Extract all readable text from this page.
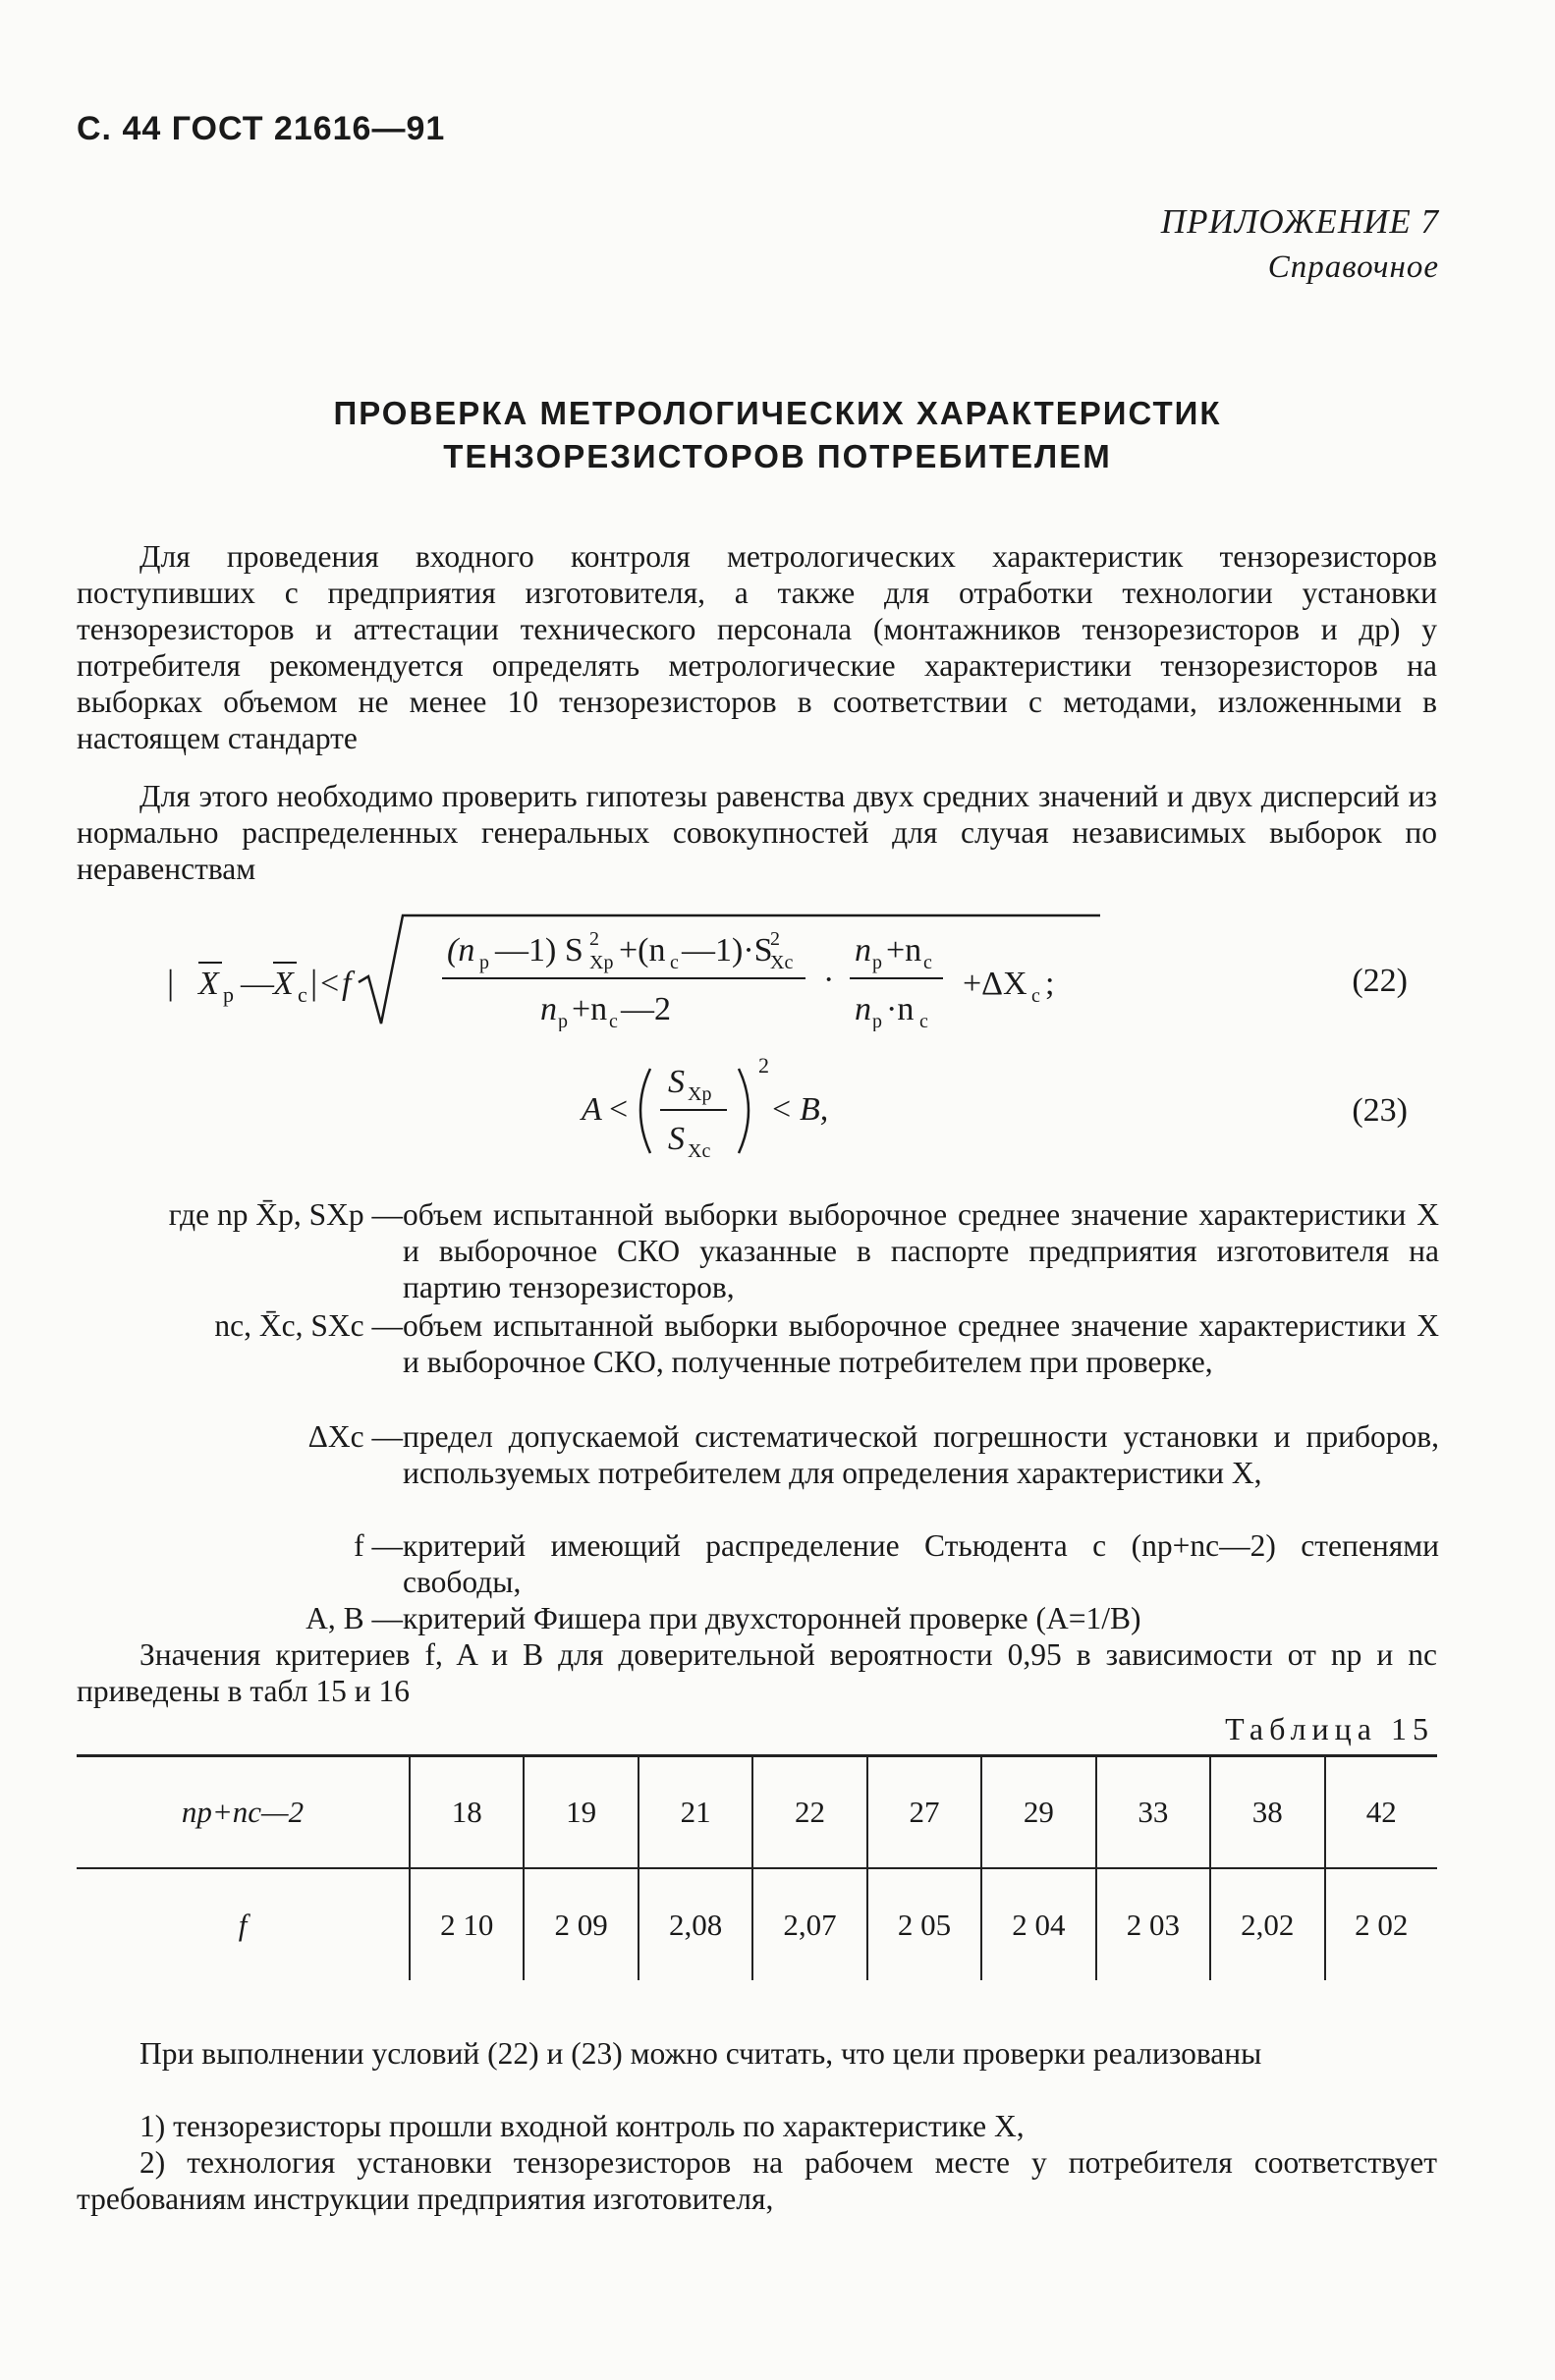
С. 44 ГОСТ 21616—91
ПРИЛОЖЕНИЕ 7
Справочное
ПРОВЕРКА МЕТРОЛОГИЧЕСКИХ ХАРАКТЕРИСТИК
ТЕНЗОРЕЗИСТОРОВ ПОТРЕБИТЕЛЕМ
Для проведения входного контроля метрологических характеристик тензорезисторов поступивших с предприятия изготовителя, а также для отработки технологии установки тензорезисторов и аттестации технического персонала (монтажников тензорезисторов и др) у потребителя рекомендуется определять метрологические характеристики тензорезисторов на выборках объемом не менее 10 тензорезисторов в соответствии с методами, изложенными в настоящем стандарте
Для этого необходимо проверить гипотезы равенства двух средних значений и двух дисперсий из нормально распределенных генеральных совокупностей для случая независимых выборок по неравенствам
| X р — X с | < f
(n р —1) S 2
Xр +(n с —1)·S
2
Xс
n р +n с —2
·
n р +n с
n р ·n с
+ΔX с ;	(22)
A <
S Xр
S Xс
2
< B,	(23)
где nр X̄р, SXр — объем испытанной выборки выборочное среднее значение характеристики X и выборочное СКО указанные в паспорте предприятия изготовителя на партию тензорезисторов,
nс, X̄с, SXс — объем испытанной выборки выборочное среднее значение характеристики X и выборочное СКО, полученные потребителем при проверке,
ΔXс — предел допускаемой систематической погрешности установки и приборов, используемых потребителем для определения характеристики X,
f — критерий имеющий распределение Стьюдента с (nр+nс—2) степенями свободы,
A, B — критерий Фишера при двухсторонней проверке (A=1/B)
Значения критериев f, A и B для доверительной вероятности 0,95 в зависимости от nр и nс приведены в табл 15 и 16
Таблица 15
nр+nс—2	18	19	21	22	27	29	33	38	42
f	2 10	2 09	2,08	2,07	2 05	2 04	2 03	2,02	2 02
При выполнении условий (22) и (23) можно считать, что цели проверки реализованы
1) тензорезисторы прошли входной контроль по характеристике X,
2) технология установки тензорезисторов на рабочем месте у потребителя соответствует требованиям инструкции предприятия изготовителя,
